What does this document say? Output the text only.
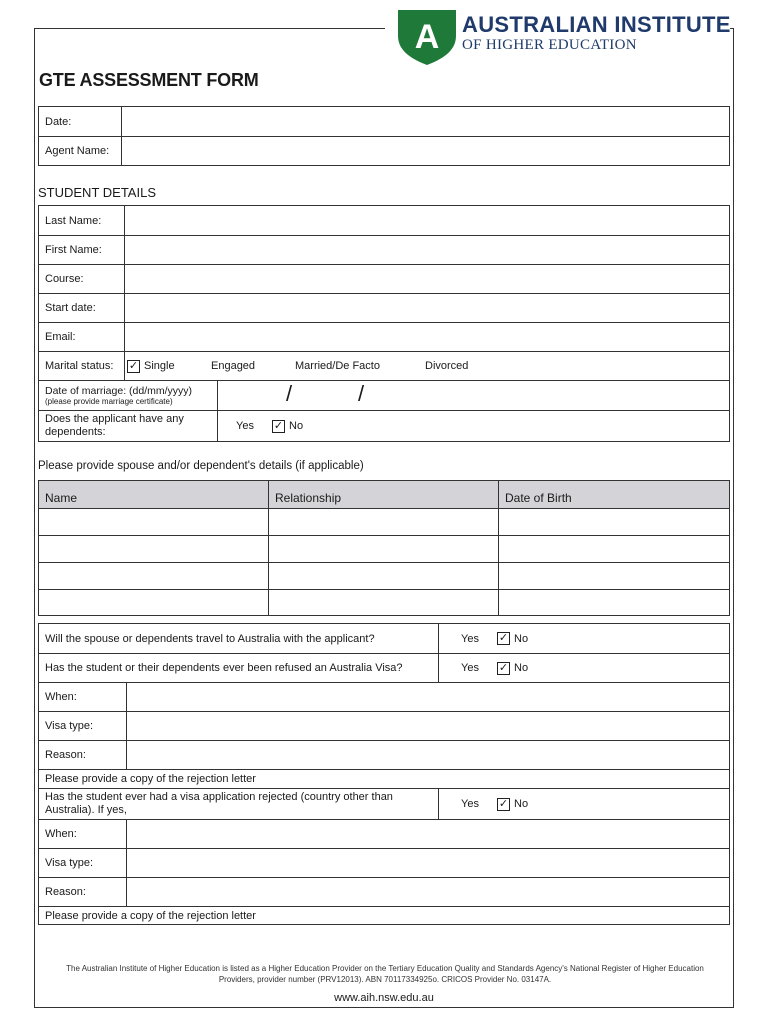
A AUSTRALIAN INSTITUTE
OF HIGHER EDUCATION
GTE ASSESSMENT FORM
Date:
Agent Name:
STUDENT DETAILS
Last Name:
First Name:
Course:
Start date:
Email:
Marital status:	✓ Single	Engaged	Married/De Facto	Divorced
Date of marriage: (dd/mm/yyyy)
(please provide marriage certificate)	/	/
Does the applicant have any dependents:	Yes	✓ No
Please provide spouse and/or dependent's details (if applicable)
Name	Relationship	Date of Birth
Will the spouse or dependents travel to Australia with the applicant?	Yes	✓ No
Has the student or their dependents ever been refused an Australia Visa?	Yes	✓ No
When:
Visa type:
Reason:
Please provide a copy of the rejection letter
Has the student ever had a visa application rejected (country other than Australia). If yes,	Yes	✓ No
When:
Visa type:
Reason:
Please provide a copy of the rejection letter
The Australian Institute of Higher Education is listed as a Higher Education Provider on the Tertiary Education Quality and Standards Agency's National Register of Higher Education Providers, provider number (PRV12013). ABN 70117334925o. CRICOS Provider No. 03147A.
www.aih.nsw.edu.au
